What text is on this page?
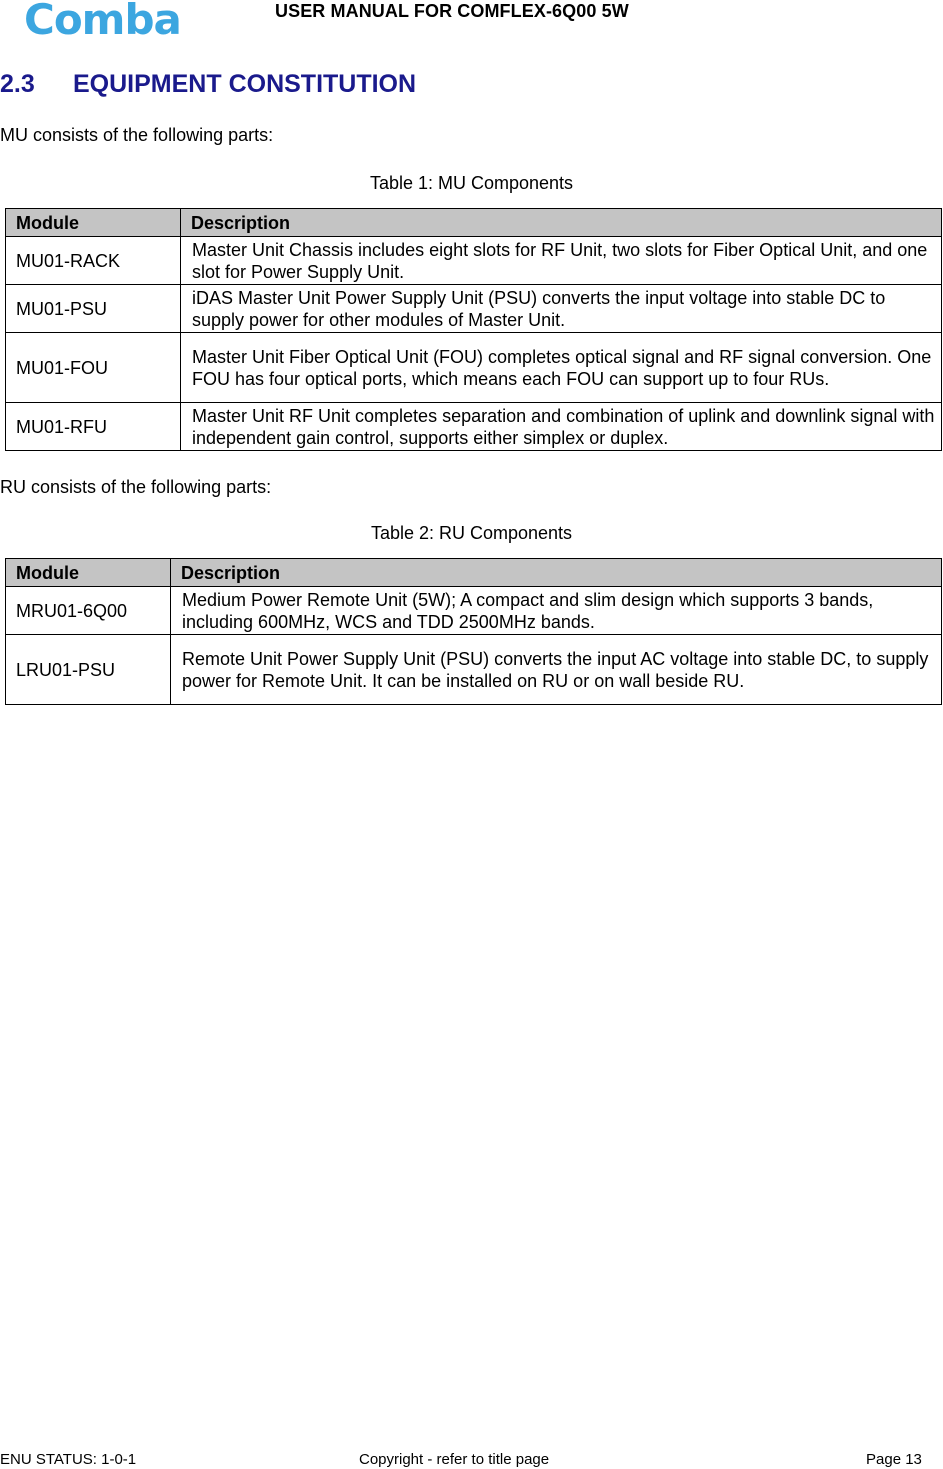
Comba	USER MANUAL FOR COMFLEX-6Q00 5W
2.3 EQUIPMENT CONSTITUTION
MU consists of the following parts:
Table 1: MU Components
Module	Description
MU01-RACK	Master Unit Chassis includes eight slots for RF Unit, two slots for Fiber Optical Unit, and one slot for Power Supply Unit.
MU01-PSU	iDAS Master Unit Power Supply Unit (PSU) converts the input voltage into stable DC to supply power for other modules of Master Unit.
MU01-FOU	Master Unit Fiber Optical Unit (FOU) completes optical signal and RF signal conversion. One FOU has four optical ports, which means each FOU can support up to four RUs.
MU01-RFU	Master Unit RF Unit completes separation and combination of uplink and downlink signal with independent gain control, supports either simplex or duplex.
RU consists of the following parts:
Table 2: RU Components
Module	Description
MRU01-6Q00	Medium Power Remote Unit (5W); A compact and slim design which supports 3 bands, including 600MHz, WCS and TDD 2500MHz bands.
LRU01-PSU	Remote Unit Power Supply Unit (PSU) converts the input AC voltage into stable DC, to supply power for Remote Unit. It can be installed on RU or on wall beside RU.
ENU STATUS: 1-0-1	Copyright - refer to title page	Page 13
